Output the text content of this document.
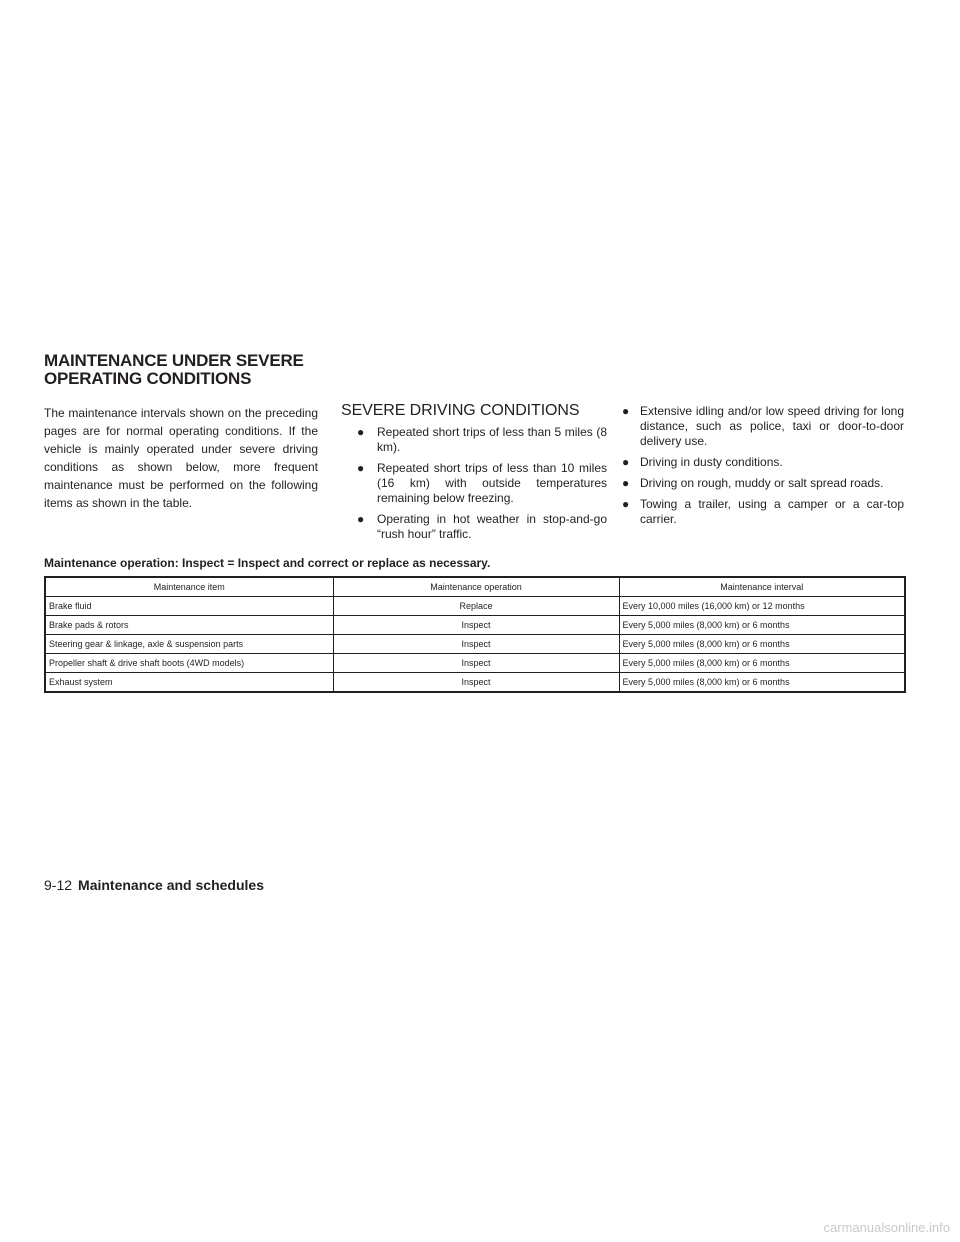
MAINTENANCE UNDER SEVERE
OPERATING CONDITIONS

The maintenance intervals shown on the preceding pages are for normal operating conditions. If the vehicle is mainly operated under severe driving conditions as shown below, more frequent maintenance must be performed on the following items as shown in the table.

SEVERE DRIVING CONDITIONS
● Repeated short trips of less than 5 miles (8 km).
● Repeated short trips of less than 10 miles (16 km) with outside temperatures remaining below freezing.
● Operating in hot weather in stop-and-go “rush hour” traffic.
● Extensive idling and/or low speed driving for long distance, such as police, taxi or door-to-door delivery use.
● Driving in dusty conditions.
● Driving on rough, muddy or salt spread roads.
● Towing a trailer, using a camper or a car-top carrier.

Maintenance operation: Inspect = Inspect and correct or replace as necessary.

Maintenance item	Maintenance operation	Maintenance interval
Brake fluid	Replace	Every 10,000 miles (16,000 km) or 12 months
Brake pads & rotors	Inspect	Every 5,000 miles (8,000 km) or 6 months
Steering gear & linkage, axle & suspension parts	Inspect	Every 5,000 miles (8,000 km) or 6 months
Propeller shaft & drive shaft boots (4WD models)	Inspect	Every 5,000 miles (8,000 km) or 6 months
Exhaust system	Inspect	Every 5,000 miles (8,000 km) or 6 months

9-12 Maintenance and schedules

carmanualsonline.info
